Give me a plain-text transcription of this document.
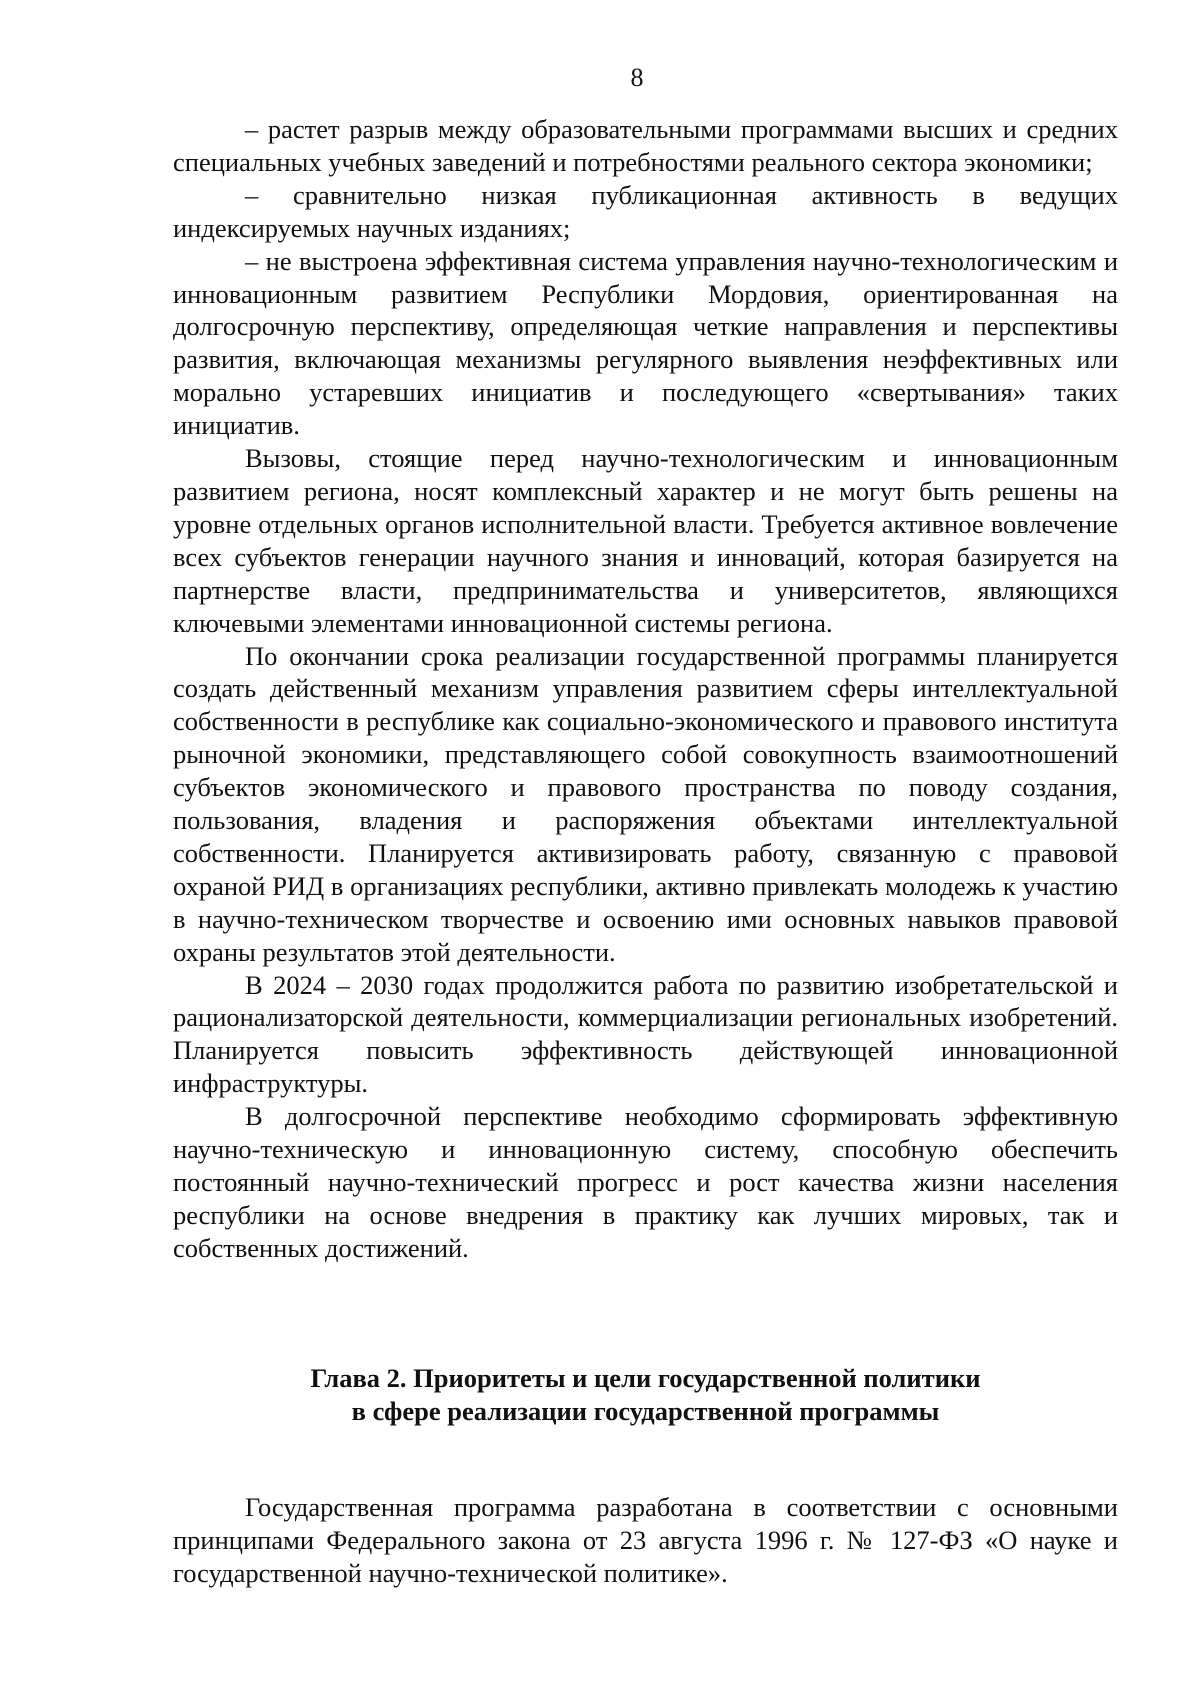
8

– растет разрыв между образовательными программами высших и средних специальных учебных заведений и потребностями реального сектора экономики;

– сравнительно низкая публикационная активность в ведущих индексируемых научных изданиях;

– не выстроена эффективная система управления научно-технологическим и инновационным развитием Республики Мордовия, ориентированная на долгосрочную перспективу, определяющая четкие направления и перспективы развития, включающая механизмы регулярного выявления неэффективных или морально устаревших инициатив и последующего «свертывания» таких инициатив.

Вызовы, стоящие перед научно-технологическим и инновационным развитием региона, носят комплексный характер и не могут быть решены на уровне отдельных органов исполнительной власти. Требуется активное вовлечение всех субъектов генерации научного знания и инноваций, которая базируется на партнерстве власти, предпринимательства и университетов, являющихся ключевыми элементами инновационной системы региона.

По окончании срока реализации государственной программы планируется создать действенный механизм управления развитием сферы интеллектуальной собственности в республике как социально-экономического и правового института рыночной экономики, представляющего собой совокупность взаимоотношений субъектов экономического и правового пространства по поводу создания, пользования, владения и распоряжения объектами интеллектуальной собственности. Планируется активизировать работу, связанную с правовой охраной РИД в организациях республики, активно привлекать молодежь к участию в научно-техническом творчестве и освоению ими основных навыков правовой охраны результатов этой деятельности.

В 2024 – 2030 годах продолжится работа по развитию изобретательской и рационализаторской деятельности, коммерциализации региональных изобретений. Планируется повысить эффективность действующей инновационной инфраструктуры.

В долгосрочной перспективе необходимо сформировать эффективную научно-техническую и инновационную систему, способную обеспечить постоянный научно-технический прогресс и рост качества жизни населения республики на основе внедрения в практику как лучших мировых, так и собственных достижений.

Глава 2. Приоритеты и цели государственной политики

в сфере реализации государственной программы

Государственная программа разработана в соответствии с основными принципами Федерального закона от 23 августа 1996 г. № 127-ФЗ «О науке и государственной научно-технической политике».
